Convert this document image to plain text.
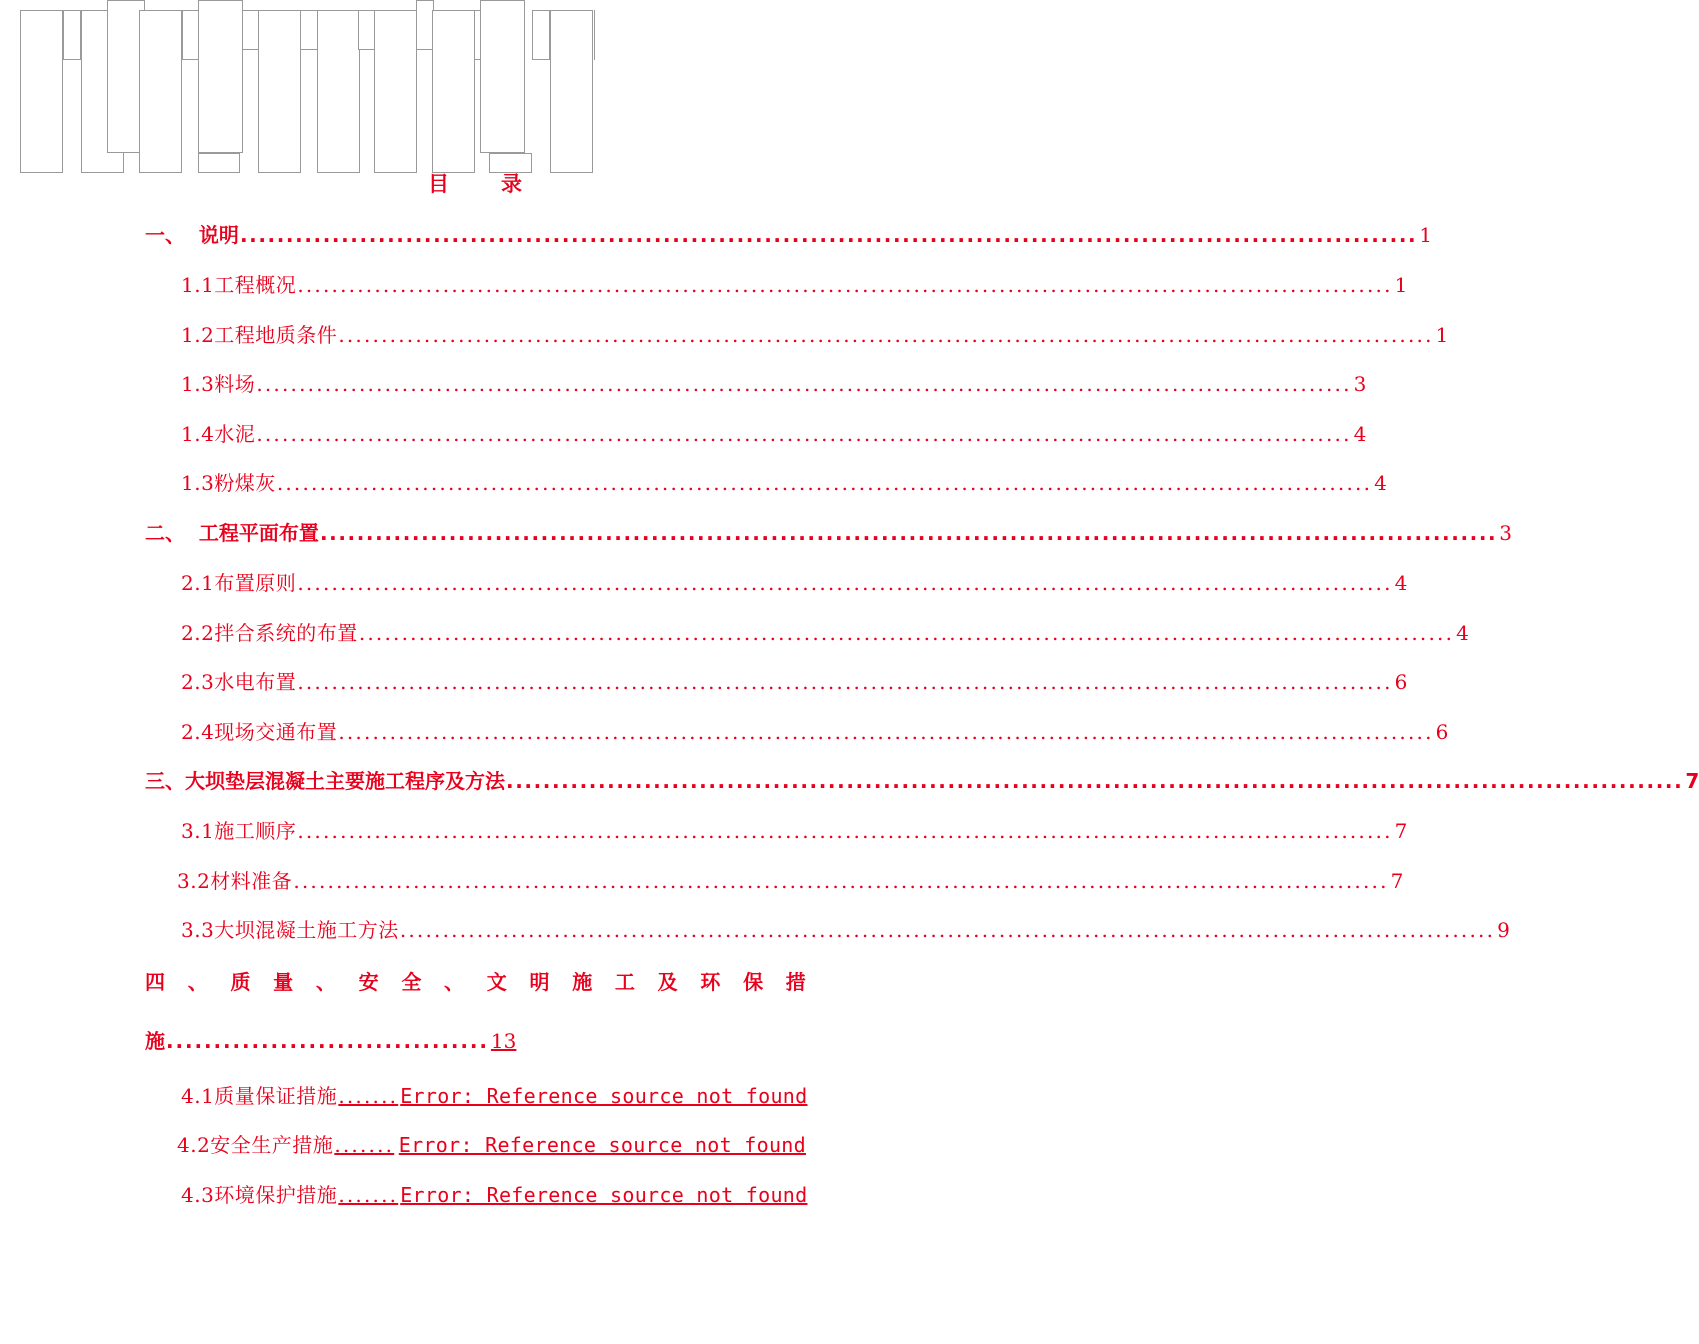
目 录
一、  说明 ................................................................................................................................ 1
1.1工程概况 ................................................................................................................................ 1
1.2工程地质条件 ................................................................................................................................ 1
1.3料场 ................................................................................................................................ 3
1.4水泥 ................................................................................................................................ 4
1.3粉煤灰 ................................................................................................................................ 4
二、  工程平面布置 ................................................................................................................................ 3
2.1布置原则 ................................................................................................................................ 4
2.2拌合系统的布置 ................................................................................................................................ 4
2.3水电布置 ................................................................................................................................ 6
2.4现场交通布置 ................................................................................................................................ 6
三、大坝垫层混凝土主要施工程序及方法 ................................................................................................................................ 7
3.1施工顺序 ................................................................................................................................ 7
3.2材料准备 ................................................................................................................................ 7
3.3大坝混凝土施工方法 ................................................................................................................................ 9
四 、 质 量 、 安 全 、 文 明 施 工 及 环 保 措
施 .................................. 13
4.1质量保证措施 ....... Error: Reference source not found
4.2安全生产措施 ....... Error: Reference source not found
4.3环境保护措施 ....... Error: Reference source not found
